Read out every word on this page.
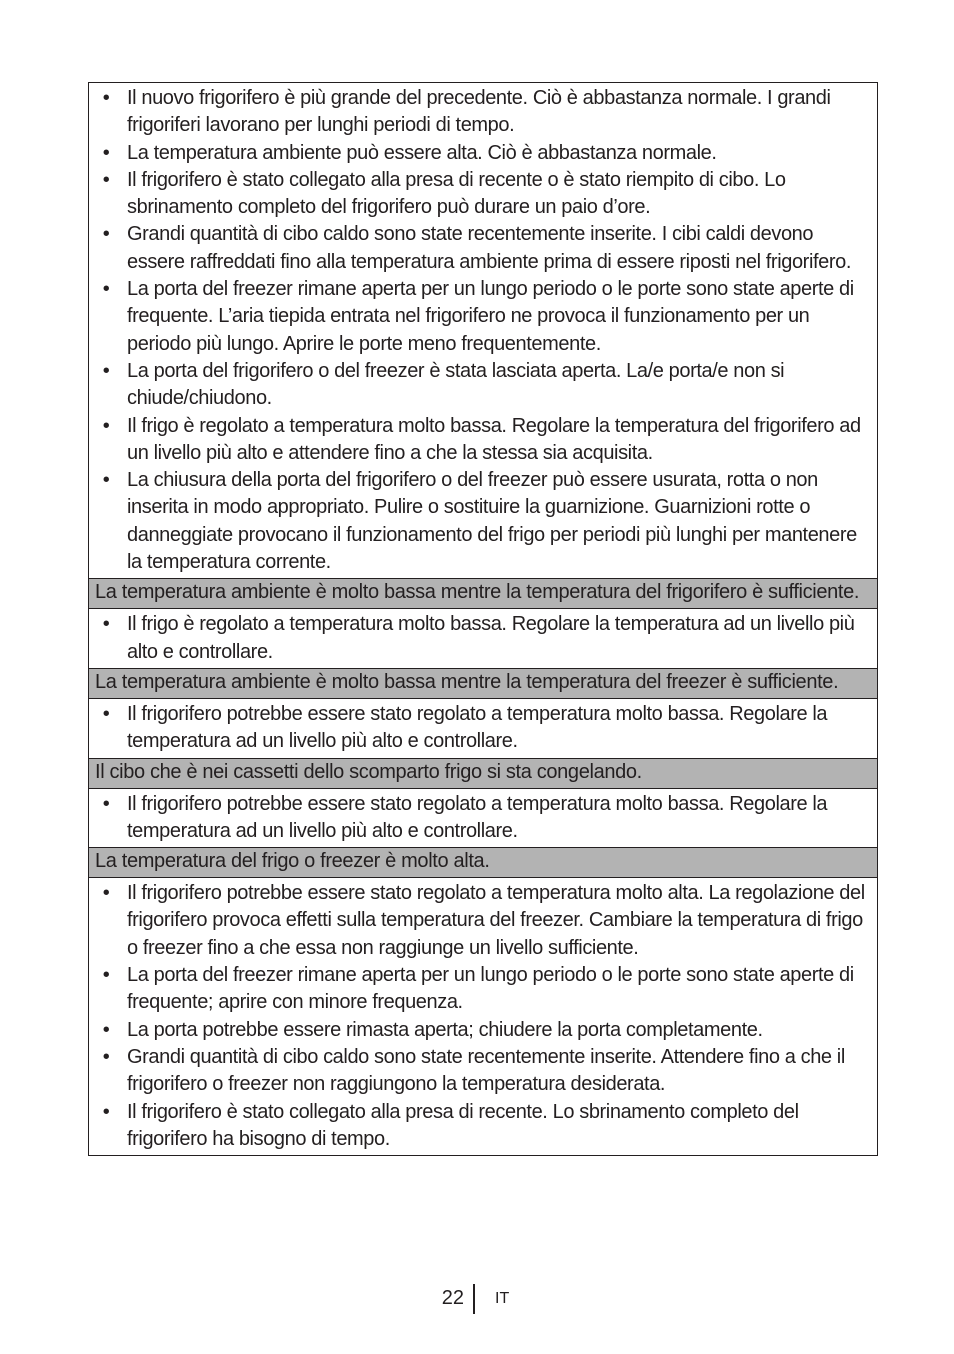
• Il nuovo frigorifero è più grande del precedente. Ciò è abbastanza normale. I grandi frigoriferi lavorano per lunghi periodi di tempo.
• La temperatura ambiente può essere alta. Ciò è abbastanza normale.
• Il frigorifero è stato collegato alla presa di recente o è stato riempito di cibo. Lo sbrinamento completo del frigorifero può durare un paio d’ore.
• Grandi quantità di cibo caldo sono state recentemente inserite. I cibi caldi devono essere raffreddati fino alla temperatura ambiente prima di essere riposti nel frigorifero.
• La porta del freezer rimane aperta per un lungo periodo o le porte sono state aperte di frequente. L’aria tiepida entrata nel frigorifero ne provoca il funzionamento per un periodo più lungo. Aprire le porte meno frequentemente.
• La porta del frigorifero o del freezer è stata lasciata aperta. La/e porta/e non si chiude/chiudono.
• Il frigo è regolato a temperatura molto bassa. Regolare la temperatura del frigorifero ad un livello più alto e attendere fino a che la stessa sia acquisita.
• La chiusura della porta del frigorifero o del freezer può essere usurata, rotta o non inserita in modo appropriato. Pulire o sostituire la guarnizione. Guarnizioni rotte o danneggiate provocano il funzionamento del frigo per periodi più lunghi per mantenere la temperatura corrente.
La temperatura ambiente è molto bassa mentre la temperatura del frigorifero è sufficiente.
• Il frigo è regolato a temperatura molto bassa. Regolare la temperatura ad un livello più alto e controllare.
La temperatura ambiente è molto bassa mentre la temperatura del freezer è sufficiente.
• Il frigorifero potrebbe essere stato regolato a temperatura molto bassa. Regolare la temperatura ad un livello più alto e controllare.
Il cibo che è nei cassetti dello scomparto frigo si sta congelando.
• Il frigorifero potrebbe essere stato regolato a temperatura molto bassa. Regolare la temperatura ad un livello più alto e controllare.
La temperatura del frigo o freezer è molto alta.
• Il frigorifero potrebbe essere stato regolato a temperatura molto alta. La regolazione del frigorifero provoca effetti sulla temperatura del freezer. Cambiare la temperatura di frigo o freezer fino a che essa non raggiunge un livello sufficiente.
• La porta del freezer rimane aperta per un lungo periodo o le porte sono state aperte di frequente; aprire con minore frequenza.
• La porta potrebbe essere rimasta aperta; chiudere la porta completamente.
• Grandi quantità di cibo caldo sono state recentemente inserite. Attendere fino a che il frigorifero o freezer non raggiungono la temperatura desiderata.
• Il frigorifero è stato collegato alla presa di recente. Lo sbrinamento completo del frigorifero ha bisogno di tempo.
22 IT
